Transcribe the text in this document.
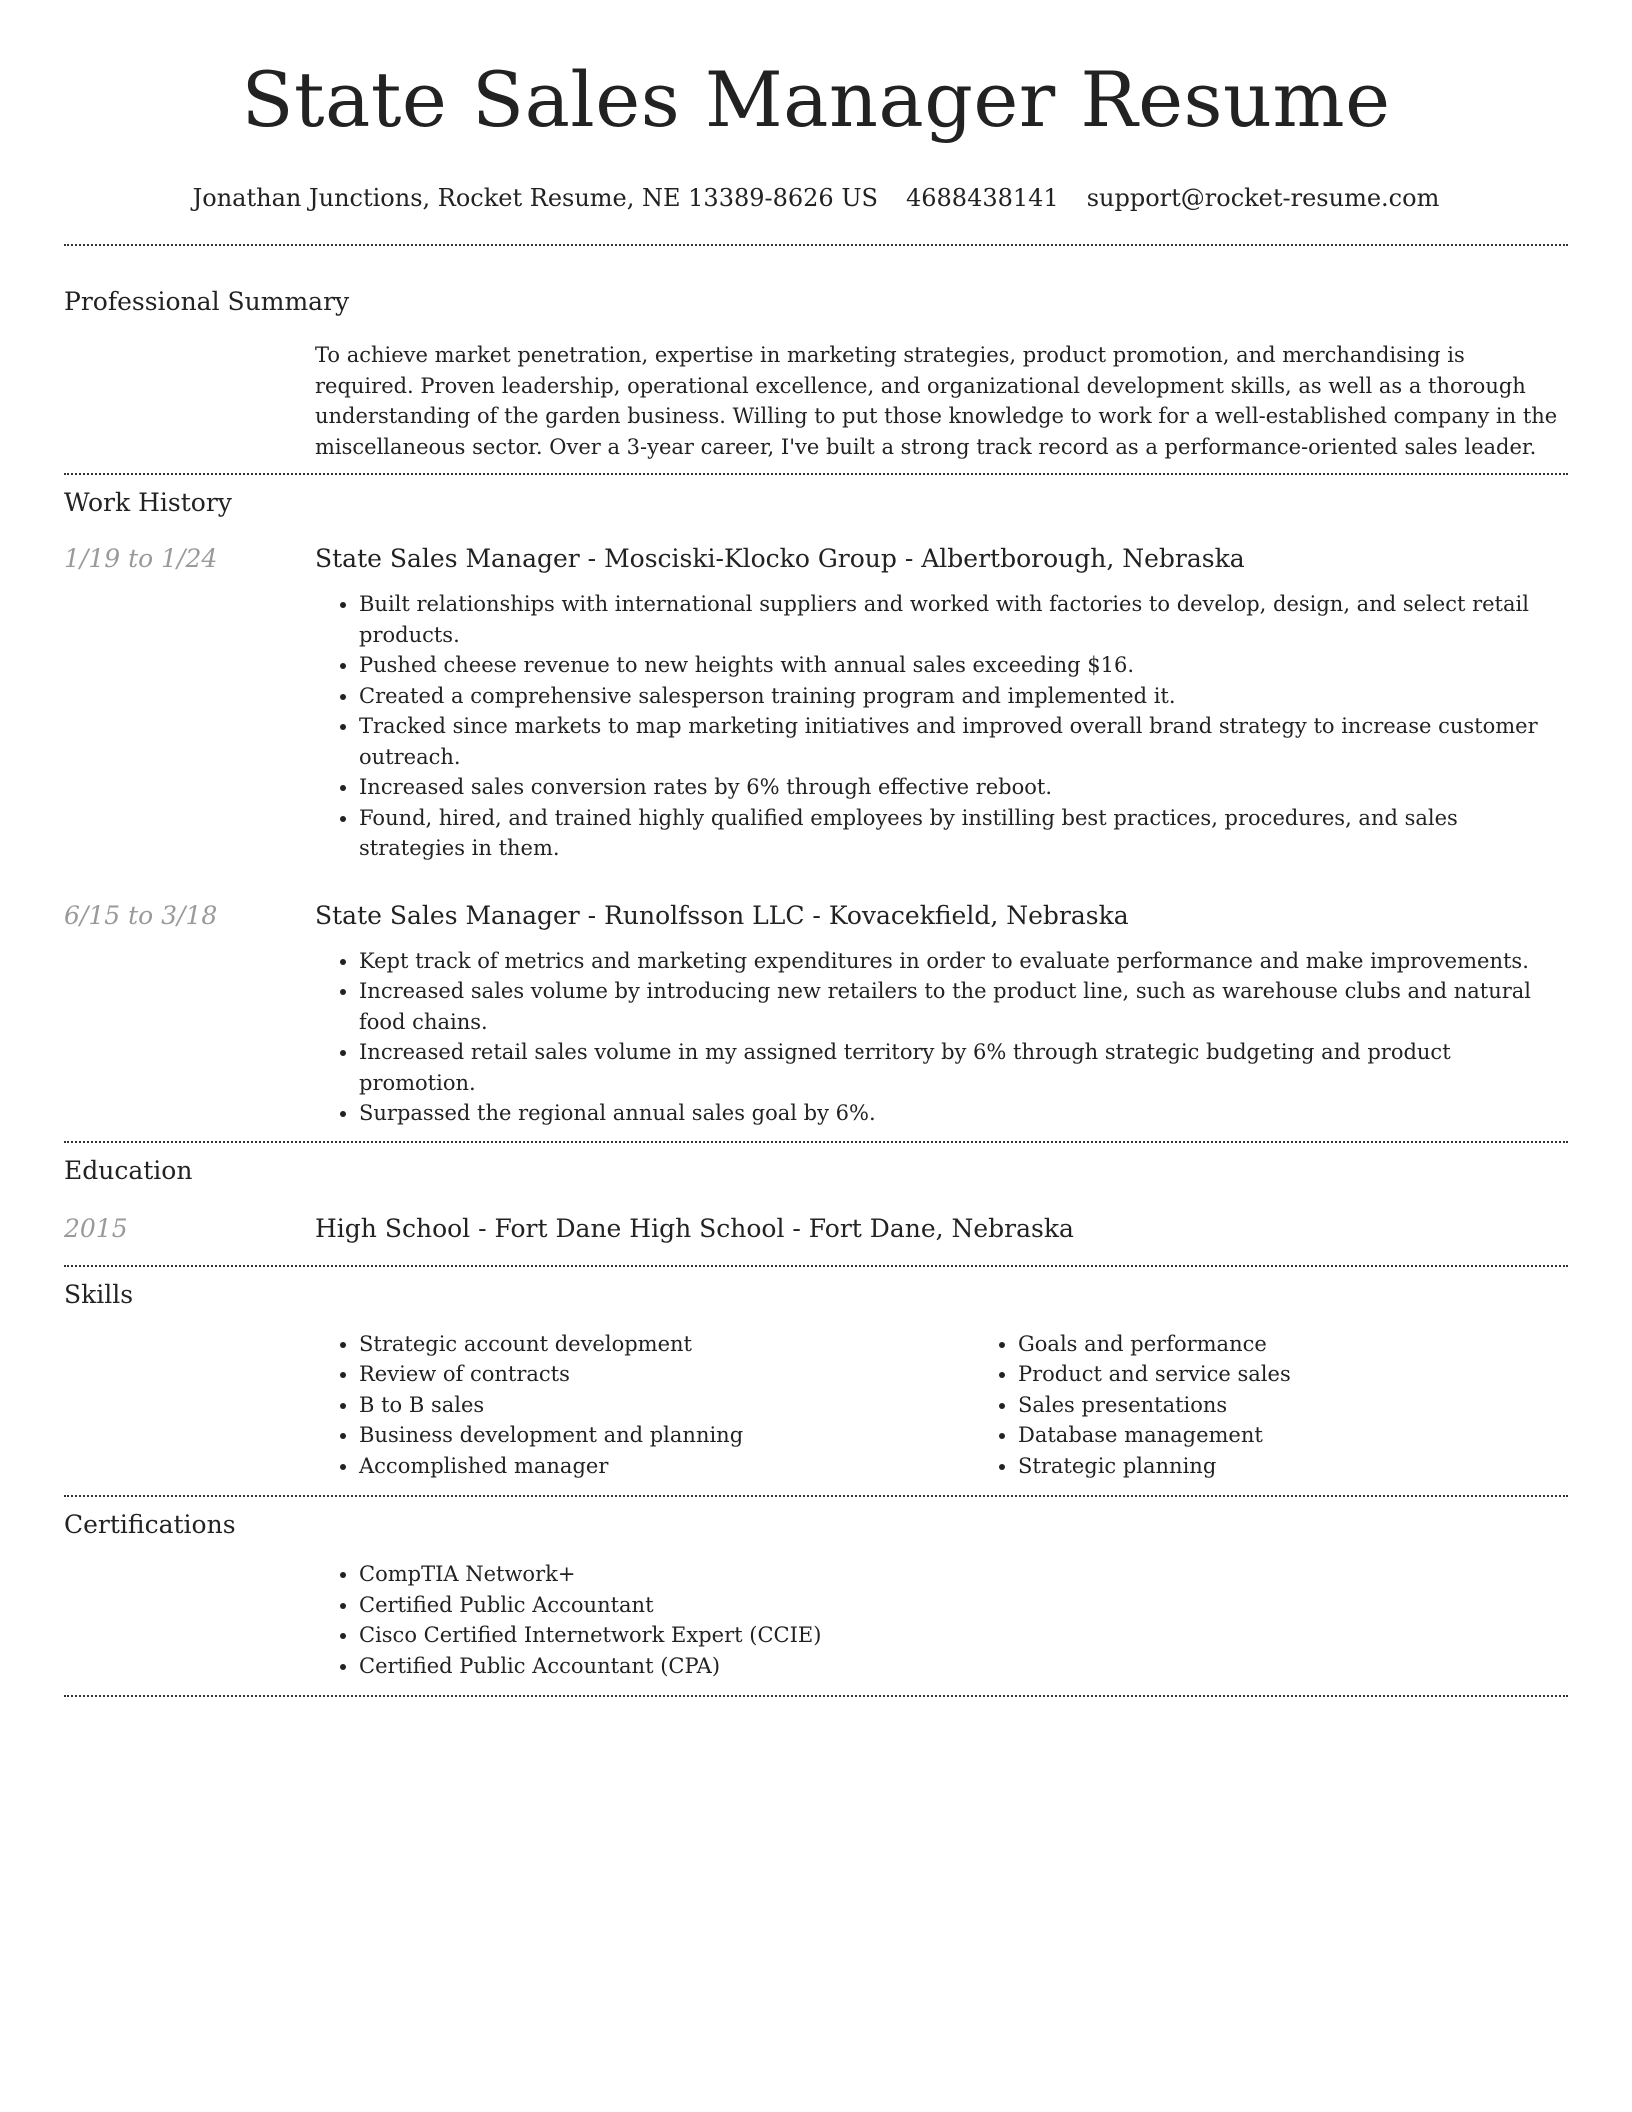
State Sales Manager Resume
Jonathan Junctions, Rocket Resume, NE 13389-8626 US 4688438141 support@rocket-resume.com
Professional Summary

To achieve market penetration, expertise in marketing strategies, product promotion, and merchandising is required. Proven leadership, operational excellence, and organizational development skills, as well as a thorough understanding of the garden business. Willing to put those knowledge to work for a well-established company in the miscellaneous sector. Over a 3-year career, I've built a strong track record as a performance-oriented sales leader.

Work History
1/19 to 1/24	State Sales Manager - Mosciski-Klocko Group - Albertborough, Nebraska
• Built relationships with international suppliers and worked with factories to develop, design, and select retail products.
• Pushed cheese revenue to new heights with annual sales exceeding $16.
• Created a comprehensive salesperson training program and implemented it.
• Tracked since markets to map marketing initiatives and improved overall brand strategy to increase customer outreach.
• Increased sales conversion rates by 6% through effective reboot.
• Found, hired, and trained highly qualified employees by instilling best practices, procedures, and sales strategies in them.
6/15 to 3/18	State Sales Manager - Runolfsson LLC - Kovacekfield, Nebraska
• Kept track of metrics and marketing expenditures in order to evaluate performance and make improvements.
• Increased sales volume by introducing new retailers to the product line, such as warehouse clubs and natural food chains.
• Increased retail sales volume in my assigned territory by 6% through strategic budgeting and product promotion.
• Surpassed the regional annual sales goal by 6%.
Education
2015	High School - Fort Dane High School - Fort Dane, Nebraska
Skills
• Strategic account development
• Review of contracts
• B to B sales
• Business development and planning
• Accomplished manager
• Goals and performance
• Product and service sales
• Sales presentations
• Database management
• Strategic planning
Certifications
• CompTIA Network+
• Certified Public Accountant
• Cisco Certified Internetwork Expert (CCIE)
• Certified Public Accountant (CPA)
